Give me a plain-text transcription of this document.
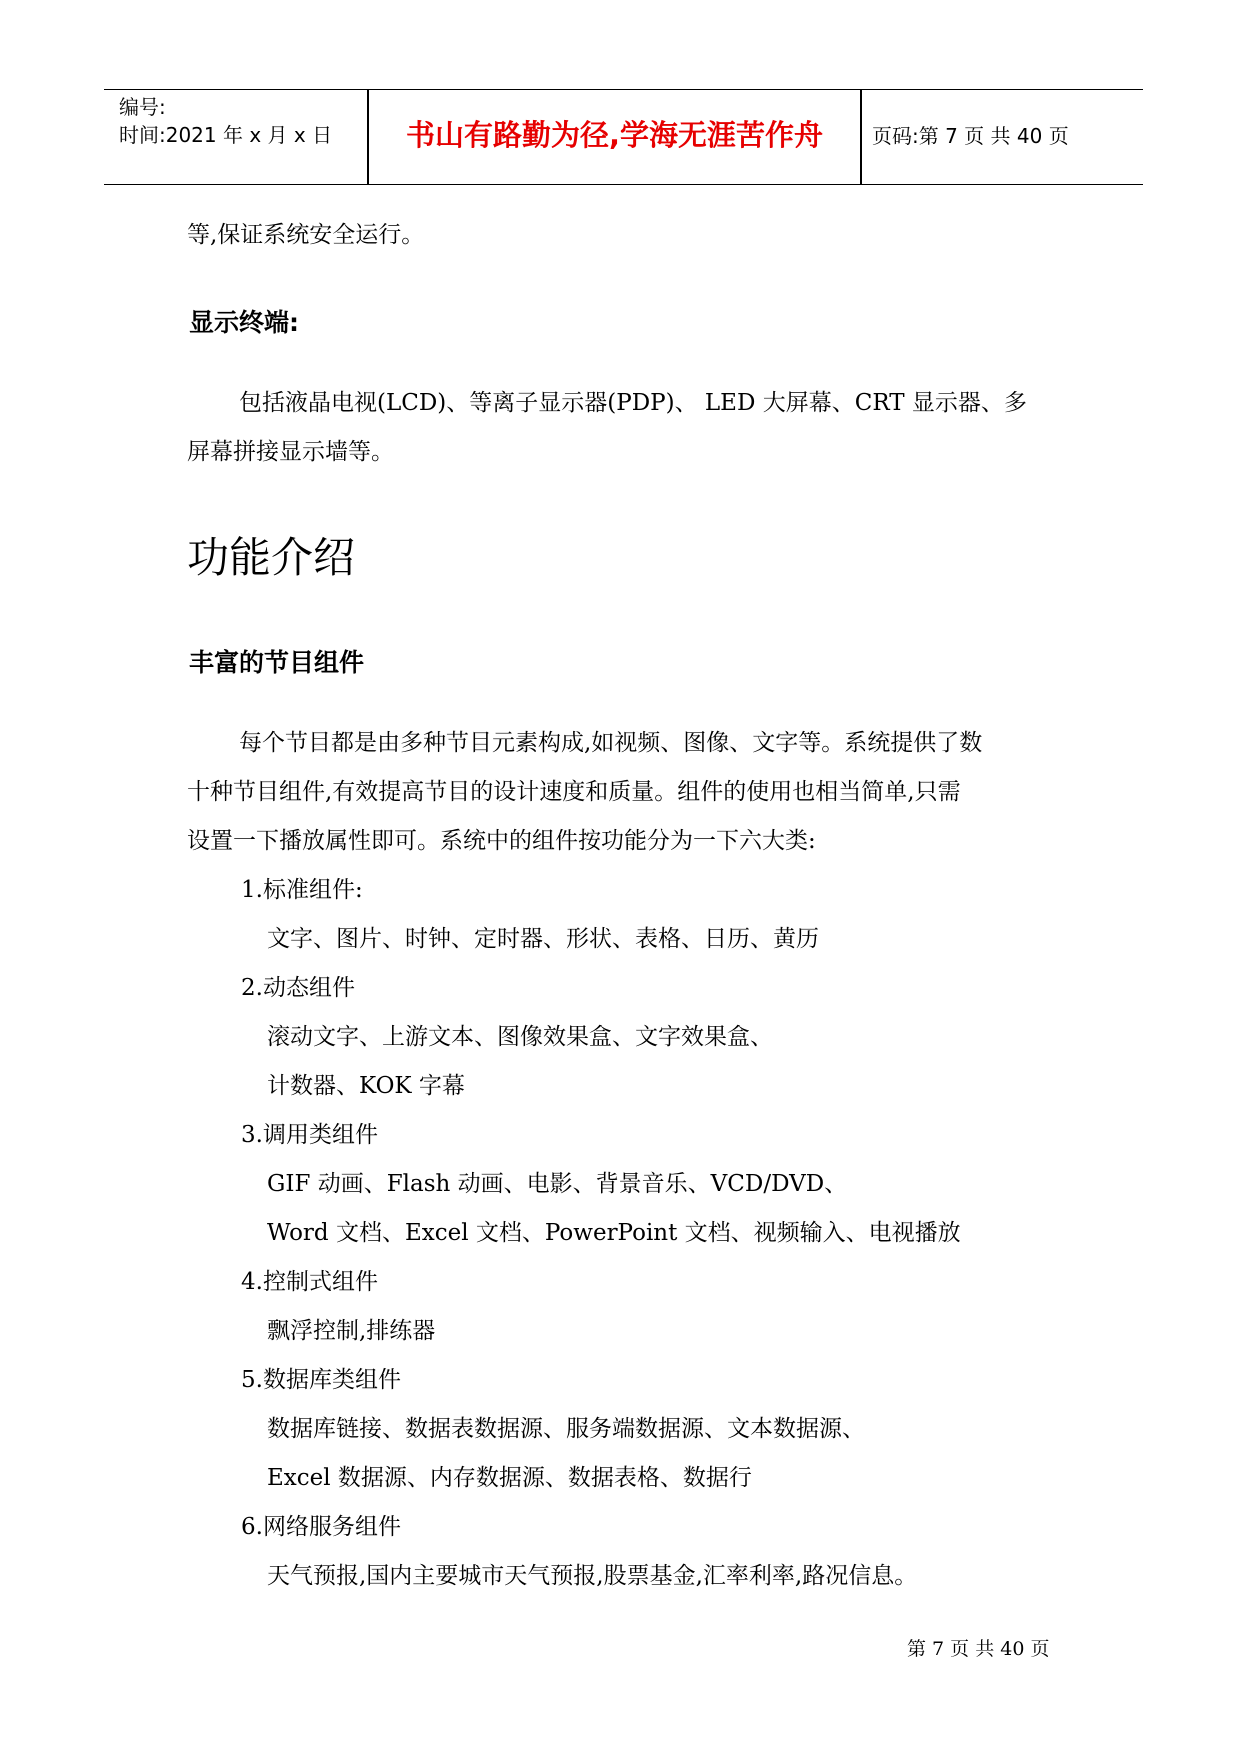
编号:
时间:2021 年 x 月 x 日	书山有路勤为径,学海无涯苦作舟	页码:第 7 页 共 40 页
等,保证系统安全运行。
显示终端:
包括液晶电视(LCD)、等离子显示器(PDP)、 LED 大屏幕、CRT 显示器、多
屏幕拼接显示墙等。
功能介绍
丰富的节目组件
每个节目都是由多种节目元素构成,如视频、图像、文字等。系统提供了数
十种节目组件,有效提高节目的设计速度和质量。组件的使用也相当简单,只需
设置一下播放属性即可。系统中的组件按功能分为一下六大类:
1.标准组件:
文字、图片、时钟、定时器、形状、表格、日历、黄历
2.动态组件
滚动文字、上游文本、图像效果盒、文字效果盒、
计数器、KOK 字幕
3.调用类组件
GIF 动画、Flash 动画、电影、背景音乐、VCD/DVD、
Word 文档、Excel 文档、PowerPoint 文档、视频输入、电视播放
4.控制式组件
飘浮控制,排练器
5.数据库类组件
数据库链接、数据表数据源、服务端数据源、文本数据源、
Excel 数据源、内存数据源、数据表格、数据行
6.网络服务组件
天气预报,国内主要城市天气预报,股票基金,汇率利率,路况信息。
第 7 页 共 40 页
